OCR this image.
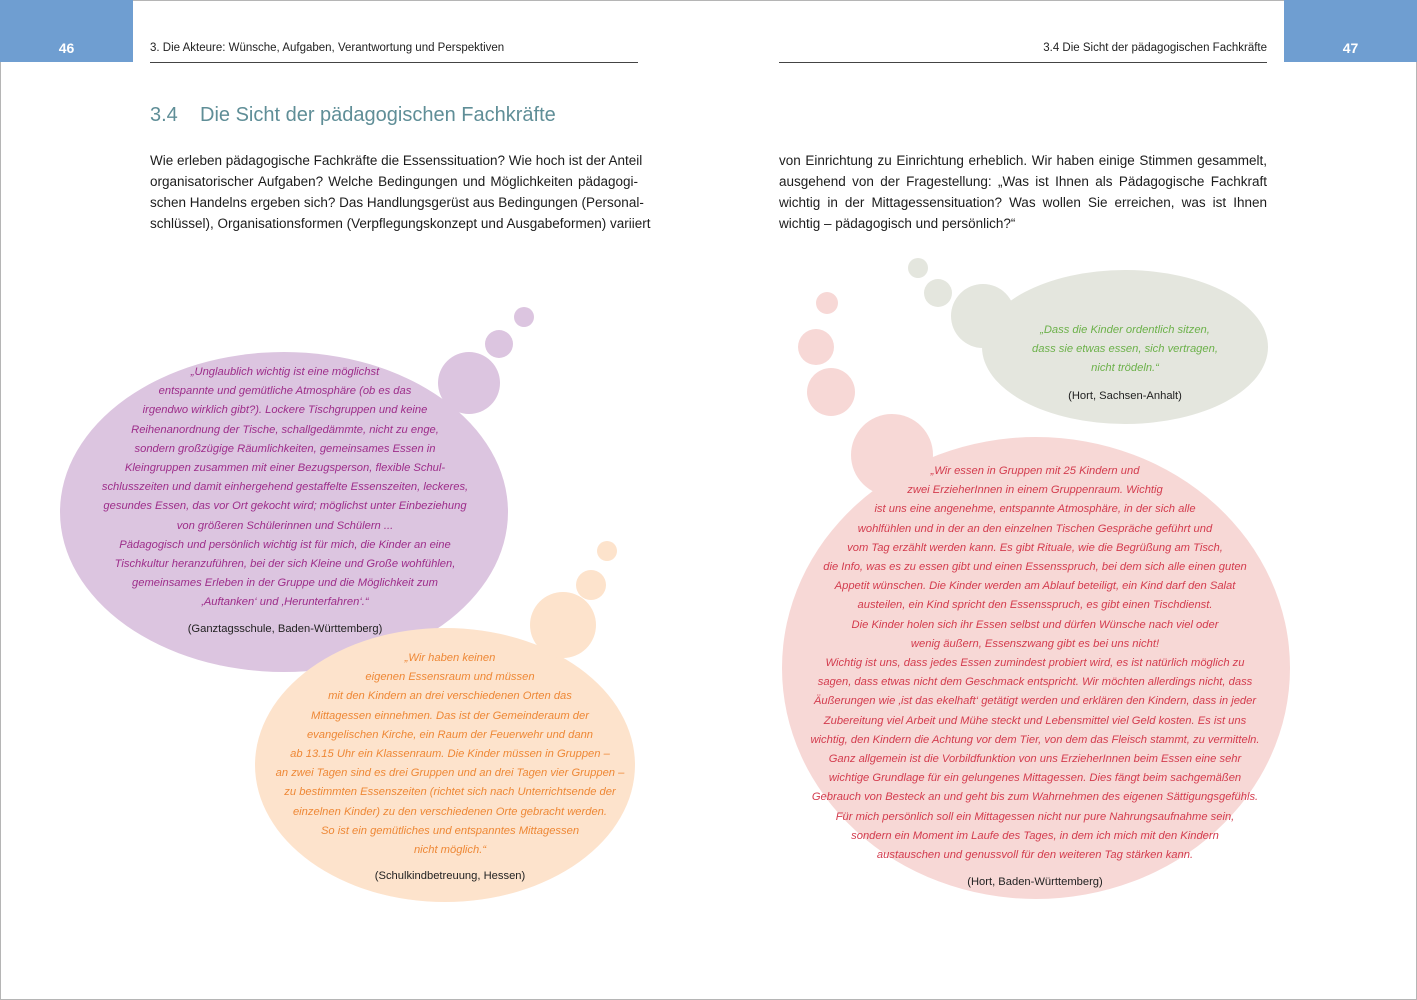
46	3. Die Akteure: Wünsche, Aufgaben, Verantwortung und Perspektiven	47
3.4 Die Sicht der pädagogischen Fachkräfte
3.4 Die Sicht der pädagogischen Fachkräfte
Wie erleben pädagogische Fachkräfte die Essenssituation? Wie hoch ist der Anteil
organisatorischer Aufgaben? Welche Bedingungen und Möglichkeiten pädagogi-
schen Handelns ergeben sich? Das Handlungsgerüst aus Bedingungen (Personal-
schlüssel), Organisationsformen (Verpflegungskonzept und Ausgabeformen) variiert
von Einrichtung zu Einrichtung erheblich. Wir haben einige Stimmen gesammelt,
ausgehend von der Fragestellung: „Was ist Ihnen als Pädagogische Fachkraft
wichtig in der Mittagessensituation? Was wollen Sie erreichen, was ist Ihnen
wichtig – pädagogisch und persönlich?“
„Unglaublich wichtig ist eine möglichst
entspannte und gemütliche Atmosphäre (ob es das
irgendwo wirklich gibt?). Lockere Tischgruppen und keine
Reihenanordnung der Tische, schallgedämmte, nicht zu enge,
sondern großzügige Räumlichkeiten, gemeinsames Essen in
Kleingruppen zusammen mit einer Bezugsperson, flexible Schul-
schlusszeiten und damit einhergehend gestaffelte Essenszeiten, leckeres,
gesundes Essen, das vor Ort gekocht wird; möglichst unter Einbeziehung
von größeren Schülerinnen und Schülern ...
Pädagogisch und persönlich wichtig ist für mich, die Kinder an eine
Tischkultur heranzuführen, bei der sich Kleine und Große wohfühlen,
gemeinsames Erleben in der Gruppe und die Möglichkeit zum
‚Auftanken‘ und ‚Herunterfahren‘.“
(Ganztagsschule, Baden-Württemberg)
„Wir haben keinen
eigenen Essensraum und müssen
mit den Kindern an drei verschiedenen Orten das
Mittagessen einnehmen. Das ist der Gemeinderaum der
evangelischen Kirche, ein Raum der Feuerwehr und dann
ab 13.15 Uhr ein Klassenraum. Die Kinder müssen in Gruppen –
an zwei Tagen sind es drei Gruppen und an drei Tagen vier Gruppen –
zu bestimmten Essenszeiten (richtet sich nach Unterrichtsende der
einzelnen Kinder) zu den verschiedenen Orte gebracht werden.
So ist ein gemütliches und entspanntes Mittagessen
nicht möglich.“
(Schulkindbetreuung, Hessen)
„Dass die Kinder ordentlich sitzen,
dass sie etwas essen, sich vertragen,
nicht trödeln.“
(Hort, Sachsen-Anhalt)
„Wir essen in Gruppen mit 25 Kindern und
zwei ErzieherInnen in einem Gruppenraum. Wichtig
ist uns eine angenehme, entspannte Atmosphäre, in der sich alle
wohlfühlen und in der an den einzelnen Tischen Gespräche geführt und
vom Tag erzählt werden kann. Es gibt Rituale, wie die Begrüßung am Tisch,
die Info, was es zu essen gibt und einen Essensspruch, bei dem sich alle einen guten
Appetit wünschen. Die Kinder werden am Ablauf beteiligt, ein Kind darf den Salat
austeilen, ein Kind spricht den Essensspruch, es gibt einen Tischdienst.
Die Kinder holen sich ihr Essen selbst und dürfen Wünsche nach viel oder
wenig äußern, Essenszwang gibt es bei uns nicht!
Wichtig ist uns, dass jedes Essen zumindest probiert wird, es ist natürlich möglich zu
sagen, dass etwas nicht dem Geschmack entspricht. Wir möchten allerdings nicht, dass
Äußerungen wie ‚ist das ekelhaft‘ getätigt werden und erklären den Kindern, dass in jeder
Zubereitung viel Arbeit und Mühe steckt und Lebensmittel viel Geld kosten. Es ist uns
wichtig, den Kindern die Achtung vor dem Tier, von dem das Fleisch stammt, zu vermitteln.
Ganz allgemein ist die Vorbildfunktion von uns ErzieherInnen beim Essen eine sehr
wichtige Grundlage für ein gelungenes Mittagessen. Dies fängt beim sachgemäßen
Gebrauch von Besteck an und geht bis zum Wahrnehmen des eigenen Sättigungsgefühls.
Für mich persönlich soll ein Mittagessen nicht nur pure Nahrungsaufnahme sein,
sondern ein Moment im Laufe des Tages, in dem ich mich mit den Kindern
austauschen und genussvoll für den weiteren Tag stärken kann.
(Hort, Baden-Württemberg)
